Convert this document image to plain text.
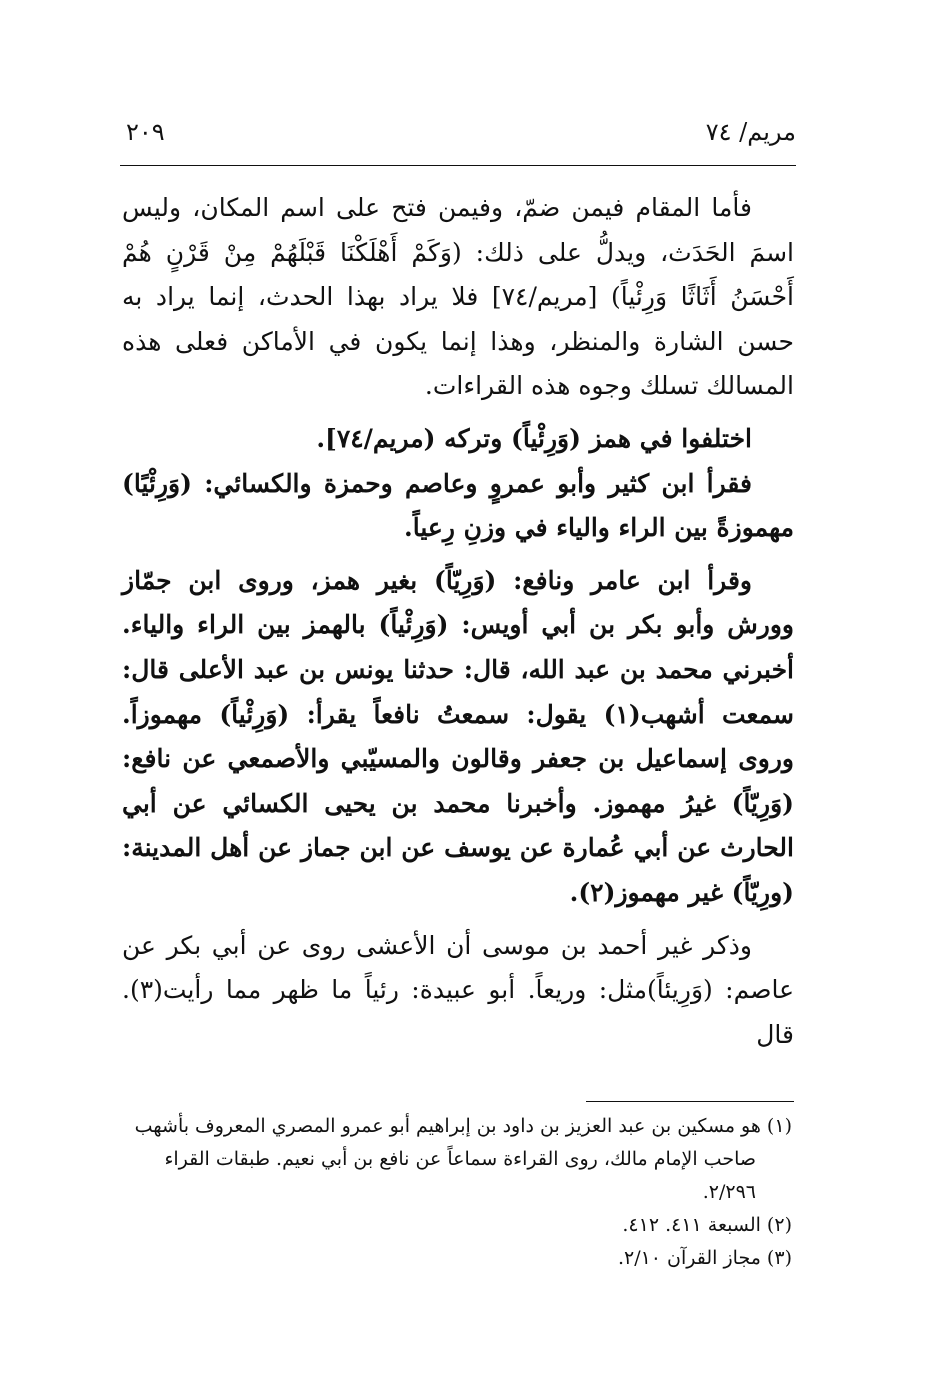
مريم/ ٧٤
٢٠٩

فأما المقام فيمن ضمّ، وفيمن فتح على اسم المكان، وليس اسمَ الحَدَث، ويدلُّ على ذلك: (وَكَمْ أَهْلَكْنَا قَبْلَهُمْ مِنْ قَرْنٍ هُمْ أَحْسَنُ أَثَاثًا وَرِئْياً) [مريم/٧٤] فلا يراد بهذا الحدث، إنما يراد به حسن الشارة والمنظر، وهذا إنما يكون في الأماكن فعلى هذه المسالك تسلك وجوه هذه القراءات.

اختلفوا في همز (وَرِئْياً) وتركه (مريم/٧٤].

فقرأ ابن كثير وأبو عمروٍ وعاصم وحمزة والكسائي: (وَرِئْيًا) مهموزةً بين الراء والياء في وزنِ رِعياً.

وقرأ ابن عامر ونافع: (وَرِيّاً) بغير همز، وروى ابن جمّاز وورش وأبو بكر بن أبي أويس: (وَرِئْياً) بالهمز بين الراء والياء. أخبرني محمد بن عبد الله، قال: حدثنا يونس بن عبد الأعلى قال: سمعت أشهب(١) يقول: سمعتُ نافعاً يقرأ: (وَرِئْياً) مهموزاً. وروى إسماعيل بن جعفر وقالون والمسيّبي والأصمعي عن نافع: (وَرِيّاً) غيرُ مهموز. وأخبرنا محمد بن يحيى الكسائي عن أبي الحارث عن أبي عُمارة عن يوسف عن ابن جماز عن أهل المدينة: (ورِيّاً) غير مهموز(٢).

وذكر غير أحمد بن موسى أن الأعشى روى عن أبي بكر عن عاصم: (وَرِيئاً)مثل: وريعاً. أبو عبيدة: رئياً ما ظهر مما رأيت(٣). قال

(١) هو مسكين بن عبد العزيز بن داود بن إبراهيم أبو عمرو المصري المعروف بأشهب

صاحب الإمام مالك، روى القراءة سماعاً عن نافع بن أبي نعيم. طبقات القراء

٢/٢٩٦.

(٢) السبعة ٤١١. ٤١٢.

(٣) مجاز القرآن ٢/١٠.
